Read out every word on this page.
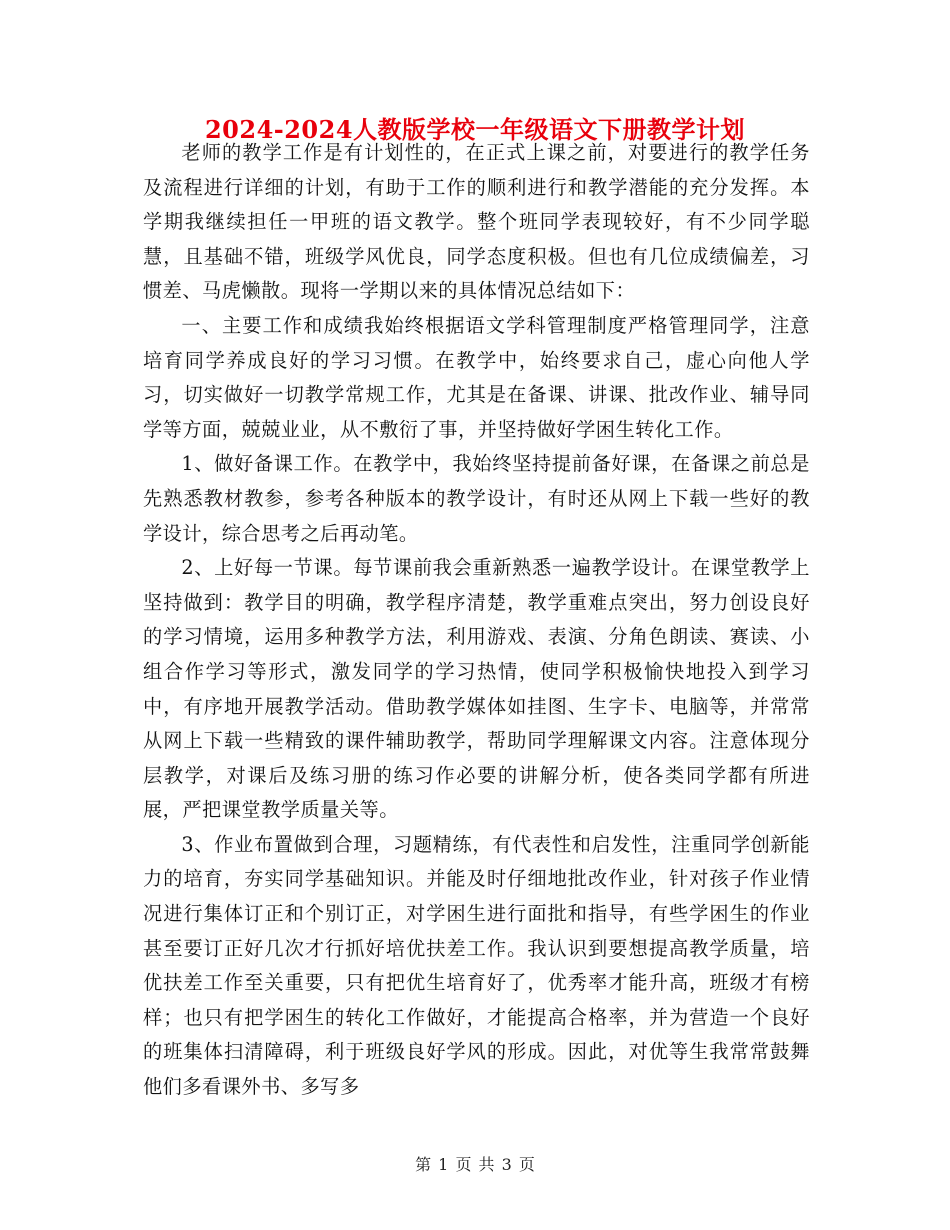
2024-2024人教版学校一年级语文下册教学计划

老师的教学工作是有计划性的，在正式上课之前，对要进行的教学任务及流程进行详细的计划，有助于工作的顺利进行和教学潜能的充分发挥。本学期我继续担任一甲班的语文教学。整个班同学表现较好，有不少同学聪慧，且基础不错，班级学风优良，同学态度积极。但也有几位成绩偏差，习惯差、马虎懒散。现将一学期以来的具体情况总结如下：

一、主要工作和成绩我始终根据语文学科管理制度严格管理同学，注意培育同学养成良好的学习习惯。在教学中，始终要求自己，虚心向他人学习，切实做好一切教学常规工作，尤其是在备课、讲课、批改作业、辅导同学等方面，兢兢业业，从不敷衍了事，并坚持做好学困生转化工作。

1、做好备课工作。在教学中，我始终坚持提前备好课，在备课之前总是先熟悉教材教参，参考各种版本的教学设计，有时还从网上下载一些好的教学设计，综合思考之后再动笔。

2、上好每一节课。每节课前我会重新熟悉一遍教学设计。在课堂教学上坚持做到：教学目的明确，教学程序清楚，教学重难点突出，努力创设良好的学习情境，运用多种教学方法，利用游戏、表演、分角色朗读、赛读、小组合作学习等形式，激发同学的学习热情，使同学积极愉快地投入到学习中，有序地开展教学活动。借助教学媒体如挂图、生字卡、电脑等，并常常从网上下载一些精致的课件辅助教学，帮助同学理解课文内容。注意体现分层教学，对课后及练习册的练习作必要的讲解分析，使各类同学都有所进展，严把课堂教学质量关等。

3、作业布置做到合理，习题精练，有代表性和启发性，注重同学创新能力的培育，夯实同学基础知识。并能及时仔细地批改作业，针对孩子作业情况进行集体订正和个别订正，对学困生进行面批和指导，有些学困生的作业甚至要订正好几次才行抓好培优扶差工作。我认识到要想提高教学质量，培优扶差工作至关重要，只有把优生培育好了，优秀率才能升高，班级才有榜样；也只有把学困生的转化工作做好，才能提高合格率，并为营造一个良好的班集体扫清障碍，利于班级良好学风的形成。因此，对优等生我常常鼓舞他们多看课外书、多写多

第 1 页 共 3 页
